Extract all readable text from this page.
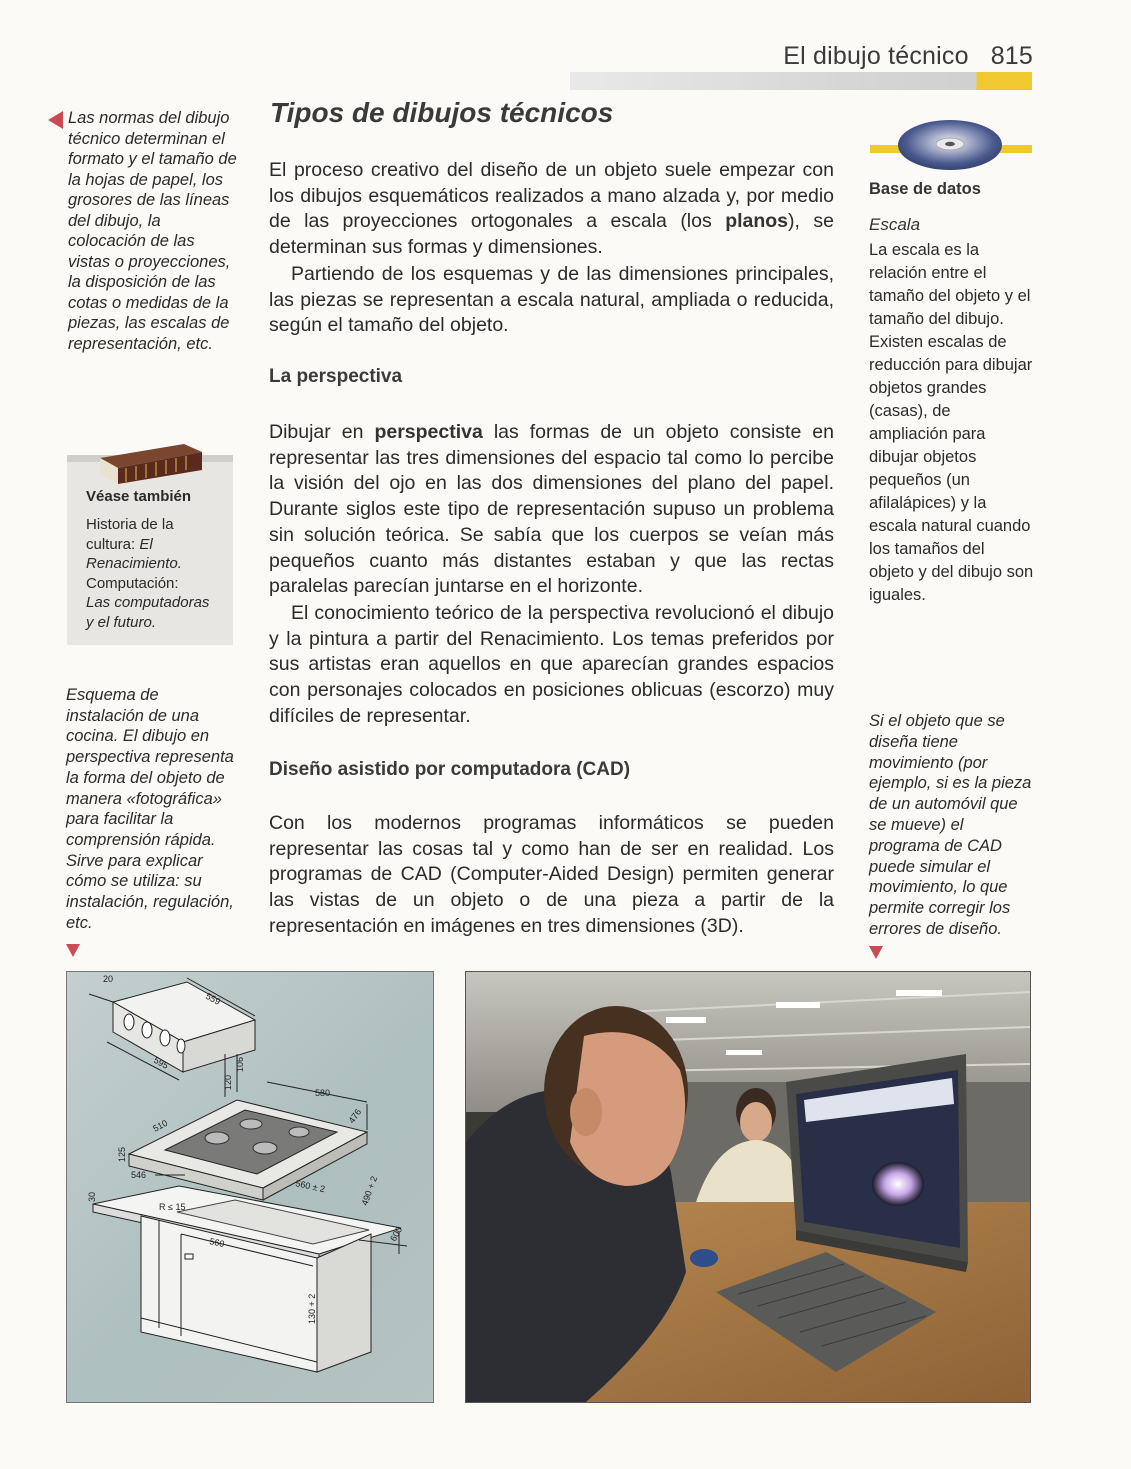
El dibujo técnico 815
Las normas del dibujo técnico determinan el formato y el tamaño de la hojas de papel, los grosores de las líneas del dibujo, la colocación de las vistas o proyecciones, la disposición de las cotas o medidas de la piezas, las escalas de representación, etc.
Véase también
Historia de la
cultura: El
Renacimiento.
Computación:
Las computadoras
y el futuro.
Esquema de instalación de una cocina. El dibujo en perspectiva representa la forma del objeto de manera «fotográfica» para facilitar la comprensión rápida. Sirve para explicar cómo se utiliza: su instalación, regulación, etc.
Tipos de dibujos técnicos
El proceso creativo del diseño de un objeto suele empezar con los dibujos esquemáticos realizados a mano alzada y, por medio de las proyecciones ortogonales a escala (los planos), se determinan sus formas y dimensiones.
Partiendo de los esquemas y de las dimensiones principales, las piezas se representan a escala natural, ampliada o reducida, según el tamaño del objeto.
La perspectiva
Dibujar en perspectiva las formas de un objeto consiste en representar las tres dimensiones del espacio tal como lo percibe la visión del ojo en las dos dimensiones del plano del papel. Durante siglos este tipo de representación supuso un problema sin solución teórica. Se sabía que los cuerpos se veían más pequeños cuanto más distantes estaban y que las rectas paralelas parecían juntarse en el horizonte.
El conocimiento teórico de la perspectiva revolucionó el dibujo y la pintura a partir del Renacimiento. Los temas preferidos por sus artistas eran aquellos en que aparecían grandes espacios con personajes colocados en posiciones oblicuas (escorzo) muy difíciles de representar.
Diseño asistido por computadora (CAD)
Con los modernos programas informáticos se pueden representar las cosas tal y como han de ser en realidad. Los programas de CAD (Computer-Aided Design) permiten generar las vistas de un objeto o de una pieza a partir de la representación en imágenes en tres dimensiones (3D).
Base de datos
Escala
La escala es la relación entre el tamaño del objeto y el tamaño del dibujo. Existen escalas de reducción para dibujar objetos grandes (casas), de ampliación para dibujar objetos pequeños (un afilalápices) y la escala natural cuando los tamaños del objeto y del dibujo son iguales.
Si el objeto que se diseña tiene movimiento (por ejemplo, si es la pieza de un automóvil que se mueve) el programa de CAD puede simular el movimiento, lo que permite corregir los errores de diseño.
20
559
595	106
120
580
510
476
125
546
560 ± 2
30
R ≤ 15
490 + 2
560	600
130 + 2
